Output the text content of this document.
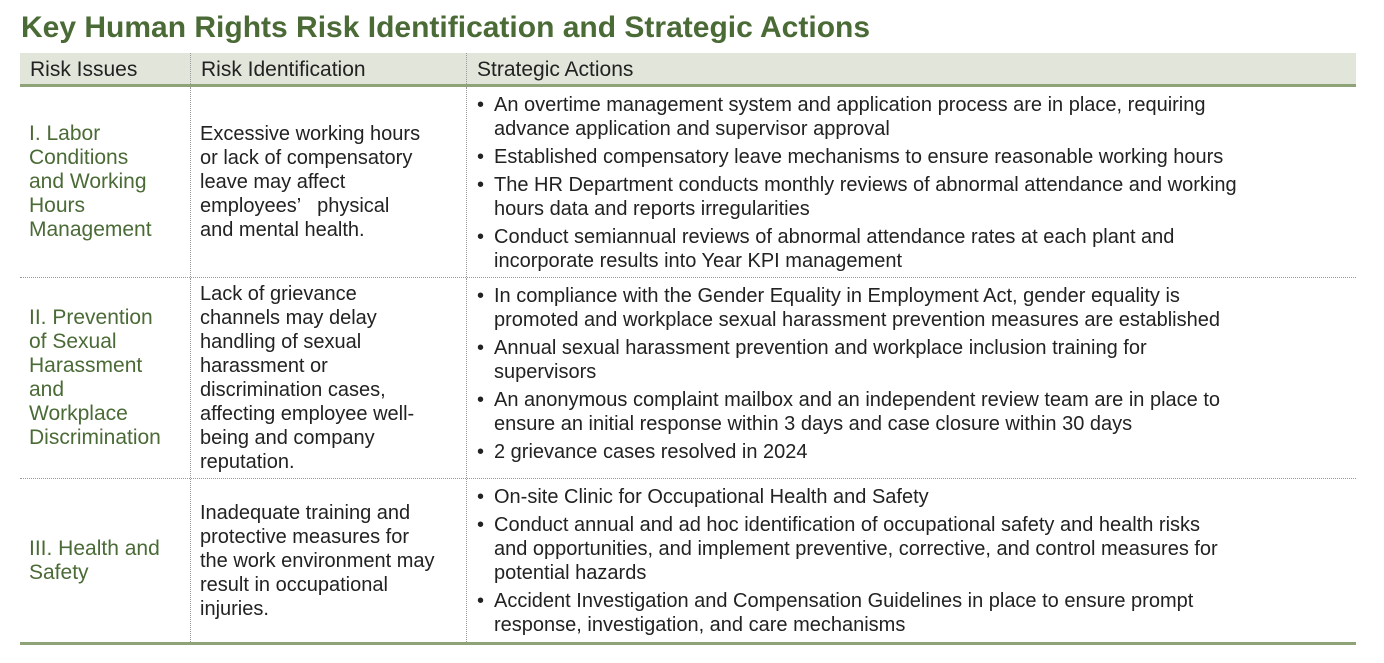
Key Human Rights Risk Identification and Strategic Actions
Risk Issues	Risk Identification	Strategic Actions
I. Labor
Conditions
and Working
Hours
Management
Excessive working hours
or lack of compensatory
leave may affect
employees’   physical
and mental health.
• An overtime management system and application process are in place, requiring
advance application and supervisor approval
• Established compensatory leave mechanisms to ensure reasonable working hours
• The HR Department conducts monthly reviews of abnormal attendance and working
hours data and reports irregularities
• Conduct semiannual reviews of abnormal attendance rates at each plant and
incorporate results into Year KPI management
II. Prevention
of Sexual
Harassment
and
Workplace
Discrimination
Lack of grievance
channels may delay
handling of sexual
harassment or
discrimination cases,
affecting employee well-
being and company
reputation.
• In compliance with the Gender Equality in Employment Act, gender equality is
promoted and workplace sexual harassment prevention measures are established
• Annual sexual harassment prevention and workplace inclusion training for
supervisors
• An anonymous complaint mailbox and an independent review team are in place to
ensure an initial response within 3 days and case closure within 30 days
• 2 grievance cases resolved in 2024
III. Health and
Safety
Inadequate training and
protective measures for
the work environment may
result in occupational
injuries.
• On-site Clinic for Occupational Health and Safety
• Conduct annual and ad hoc identification of occupational safety and health risks
and opportunities, and implement preventive, corrective, and control measures for
potential hazards
• Accident Investigation and Compensation Guidelines in place to ensure prompt
response, investigation, and care mechanisms
